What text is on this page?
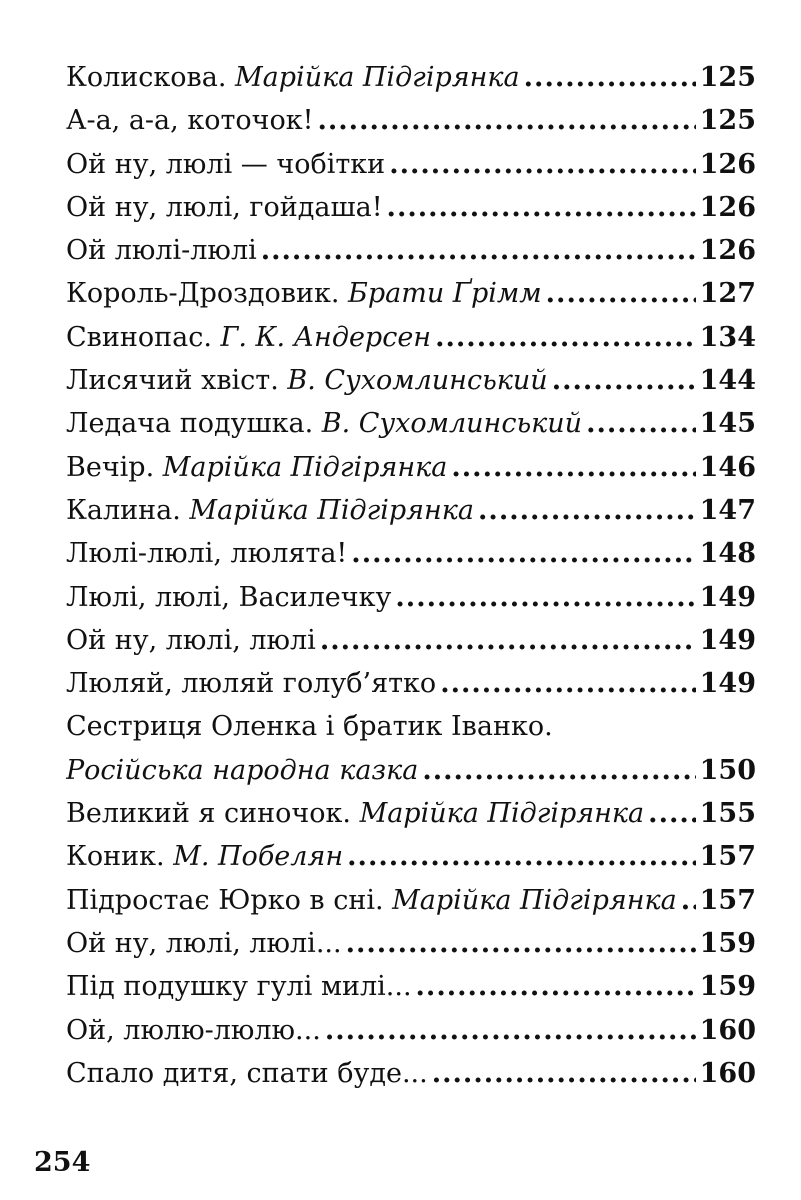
Колискова. Марійка Підгірянка .....	125
А-а, а-а, коточок! .....	125
Ой ну, люлі — чобітки .....	126
Ой ну, люлі, гойдаша! .....	126
Ой люлі-люлі .....	126
Король-Дроздовик. Брати Ґрімм .....	127
Свинопас. Г. К. Андерсен .....	134
Лисячий хвіст. В. Сухомлинський .....	144
Ледача подушка. В. Сухомлинський .....	145
Вечір. Марійка Підгірянка .....	146
Калина. Марійка Підгірянка .....	147
Люлі-люлі, люлята! .....	148
Люлі, люлі, Василечку .....	149
Ой ну, люлі, люлі .....	149
Люляй, люляй голуб’ятко .....	149
Сестриця Оленка і братик Іванко.
Російська народна казка .....	150
Великий я синочок. Марійка Підгірянка ..... 155
Коник. М. Побелян .....	157
Підростає Юрко в сні. Марійка Підгірянка ..... 157
Ой ну, люлі, люлі... .....	159
Під подушку гулі милі... .....	159
Ой, люлю-люлю... .....	160
Спало дитя, спати буде... .....	160
254
